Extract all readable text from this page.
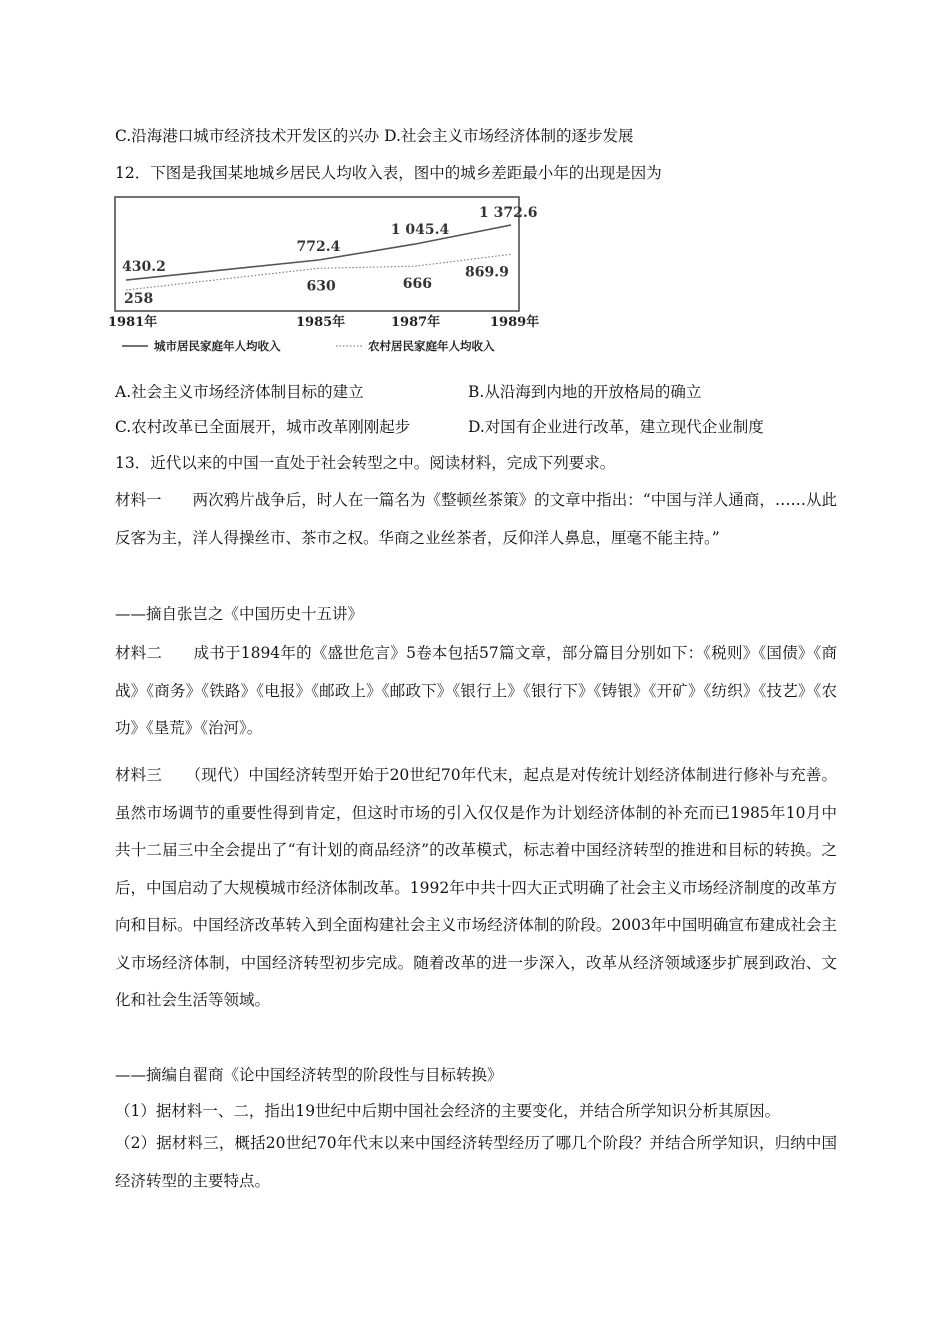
C.沿海港口城市经济技术开发区的兴办 D.社会主义市场经济体制的逐步发展
12．下图是我国某地城乡居民人均收入表，图中的城乡差距最小年的出现是因为
430.2
772.4
1 045.4
1 372.6
258
630	666
869.9
1981年	1985年	1987年	1989年
城市居民家庭年人均收入	农村居民家庭年人均收入
A.社会主义市场经济体制目标的建立	B.从沿海到内地的开放格局的确立
C.农村改革已全面展开，城市改革刚刚起步	D.对国有企业进行改革，建立现代企业制度
13．近代以来的中国一直处于社会转型之中。阅读材料，完成下列要求。
材料一　　两次鸦片战争后，时人在一篇名为《整顿丝茶策》的文章中指出：“中国与洋人通商，……从此反客为主，洋人得操丝市、茶市之权。华商之业丝茶者，反仰洋人鼻息，厘毫不能主持。”
——摘自张岂之《中国历史十五讲》
材料二　　成书于1894年的《盛世危言》5卷本包括57篇文章，部分篇目分别如下：《税则》《国债》《商战》《商务》《铁路》《电报》《邮政上》《邮政下》《银行上》《银行下》《铸银》《开矿》《纺织》《技艺》《农功》《垦荒》《治河》。
材料三　　（现代）中国经济转型开始于20世纪70年代末，起点是对传统计划经济体制进行修补与充善。虽然市场调节的重要性得到肯定，但这时市场的引入仅仅是作为计划经济体制的补充而已1985年10月中共十二届三中全会提出了“有计划的商品经济”的改革模式，标志着中国经济转型的推进和目标的转换。之后，中国启动了大规模城市经济体制改革。1992年中共十四大正式明确了社会主义市场经济制度的改革方向和目标。中国经济改革转入到全面构建社会主义市场经济体制的阶段。2003年中国明确宣布建成社会主义市场经济体制，中国经济转型初步完成。随着改革的进一步深入，改革从经济领域逐步扩展到政治、文化和社会生活等领域。
——摘编自翟商《论中国经济转型的阶段性与目标转换》
（1）据材料一、二，指出19世纪中后期中国社会经济的主要变化，并结合所学知识分析其原因。
（2）据材料三，概括20世纪70年代末以来中国经济转型经历了哪几个阶段？并结合所学知识，归纳中国经济转型的主要特点。
